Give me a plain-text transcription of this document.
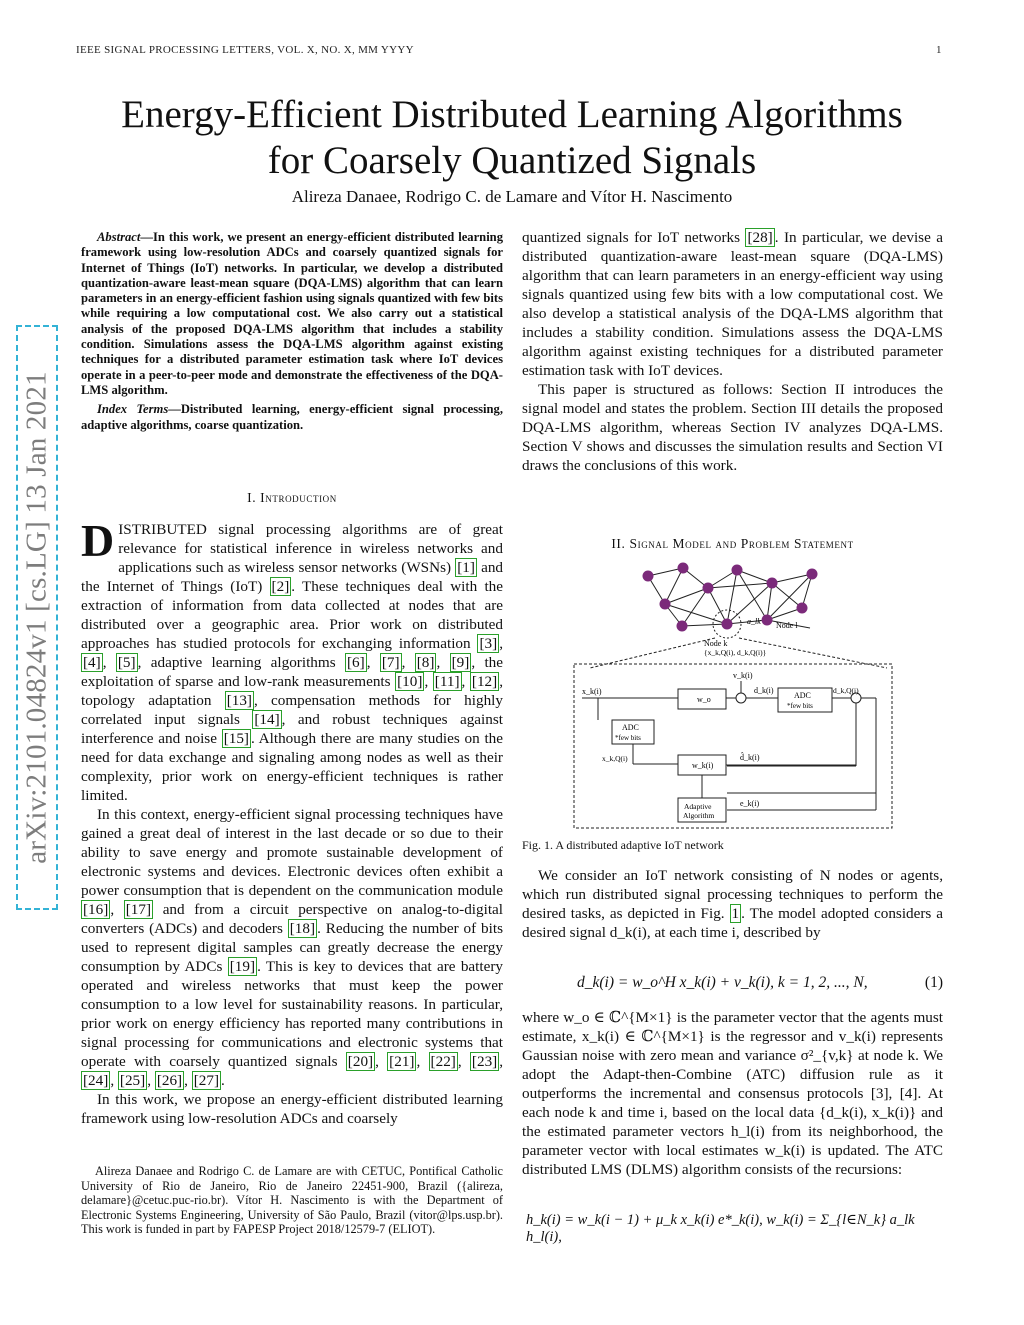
IEEE SIGNAL PROCESSING LETTERS, VOL. X, NO. X, MM YYYY	1
Energy-Efficient Distributed Learning Algorithms
for Coarsely Quantized Signals
Alireza Danaee, Rodrigo C. de Lamare and Vítor H. Nascimento
arXiv:2101.04824v1 [cs.LG] 13 Jan 2021

Abstract—In this work, we present an energy-efficient distributed learning framework using low-resolution ADCs and coarsely quantized signals for Internet of Things (IoT) networks. In particular, we develop a distributed quantization-aware least-mean square (DQA-LMS) algorithm that can learn parameters in an energy-efficient fashion using signals quantized with few bits while requiring a low computational cost. We also carry out a statistical analysis of the proposed DQA-LMS algorithm that includes a stability condition. Simulations assess the DQA-LMS algorithm against existing techniques for a distributed parameter estimation task where IoT devices operate in a peer-to-peer mode and demonstrate the effectiveness of the DQA-LMS algorithm.

Index Terms—Distributed learning, energy-efficient signal processing, adaptive algorithms, coarse quantization.

I. Introduction

DISTRIBUTED signal processing algorithms are of great relevance for statistical inference in wireless networks and applications such as wireless sensor networks (WSNs) [1] and the Internet of Things (IoT) [2] . These techniques deal with the extraction of information from data collected at nodes that are distributed over a geographic area. Prior work on distributed approaches has studied protocols for exchanging information [3] , [4] , [5] , adaptive learning algorithms [6] , [7] , [8] , [9] , the exploitation of sparse and low-rank measurements [10] , [11] , [12] , topology adaptation [13] , compensation methods for highly correlated input signals [14] , and robust techniques against interference and noise [15] . Although there are many studies on the need for data exchange and signaling among nodes as well as their complexity, prior work on energy-efficient techniques is rather limited.

In this context, energy-efficient signal processing techniques have gained a great deal of interest in the last decade or so due to their ability to save energy and promote sustainable development of electronic systems and devices. Electronic devices often exhibit a power consumption that is dependent on the communication module [16] , [17] and from a circuit perspective on analog-to-digital converters (ADCs) and decoders [18] . Reducing the number of bits used to represent digital samples can greatly decrease the energy consumption by ADCs [19] . This is key to devices that are battery operated and wireless networks that must keep the power consumption to a low level for sustainability reasons. In particular, prior work on energy efficiency has reported many contributions in signal processing for communications and electronic systems that operate with coarsely quantized signals [20] , [21] , [22] , [23] , [24] , [25] , [26] , [27] .

In this work, we propose an energy-efficient distributed learning framework using low-resolution ADCs and coarsely

Alireza Danaee and Rodrigo C. de Lamare are with CETUC, Pontifical Catholic University of Rio de Janeiro, Rio de Janeiro 22451-900, Brazil ({alireza, delamare}@cetuc.puc-rio.br). Vítor H. Nascimento is with the Department of Electronic Systems Engineering, University of São Paulo, Brazil (vitor@lps.usp.br). This work is funded in part by FAPESP Project 2018/12579-7 (ELIOT).

quantized signals for IoT networks [28] . In particular, we devise a distributed quantization-aware least-mean square (DQA-LMS) algorithm that can learn parameters in an energy-efficient way using signals quantized using few bits with a low computational cost. We also develop a statistical analysis of the DQA-LMS algorithm that includes a stability condition. Simulations assess the DQA-LMS algorithm against existing techniques for a distributed parameter estimation task with IoT devices.

This paper is structured as follows: Section II introduces the signal model and states the problem. Section III details the proposed DQA-LMS algorithm, whereas Section IV analyzes DQA-LMS. Section V shows and discusses the simulation results and Section VI draws the conclusions of this work.

II. Signal Model and Problem Statement
a_lk Node l
Node k
{x_k,Q(i), d_k,Q(i)}
x_k(i)
v_k(i)
w_o
d_k(i)
ADC
*few bits
d_k,Q(i)
ADC
*few bits
x_k,Q(i)
w_k(i)
d̂_k(i)
e_k(i)
Adaptive
Algorithm
Fig. 1. A distributed adaptive IoT network

We consider an IoT network consisting of N nodes or agents, which run distributed signal processing techniques to perform the desired tasks, as depicted in Fig. 1 . The model adopted considers a desired signal d_k(i), at each time i, described by

d_k(i) = w_o^H x_k(i) + v_k(i), k = 1, 2, ..., N,	(1)

where w_o ∈ ℂ^{M×1} is the parameter vector that the agents must estimate, x_k(i) ∈ ℂ^{M×1} is the regressor and v_k(i) represents Gaussian noise with zero mean and variance σ²_{v,k} at node k. We adopt the Adapt-then-Combine (ATC) diffusion rule as it outperforms the incremental and consensus protocols [3], [4]. At each node k and time i, based on the local data {d_k(i), x_k(i)} and the estimated parameter vectors h_l(i) from its neighborhood, the parameter vector with local estimates w_k(i) is updated. The ATC distributed LMS (DLMS) algorithm consists of the recursions:

h_k(i) = w_k(i − 1) + μ_k x_k(i) e*_k(i), w_k(i) = Σ_{l∈N_k} a_lk h_l(i),
